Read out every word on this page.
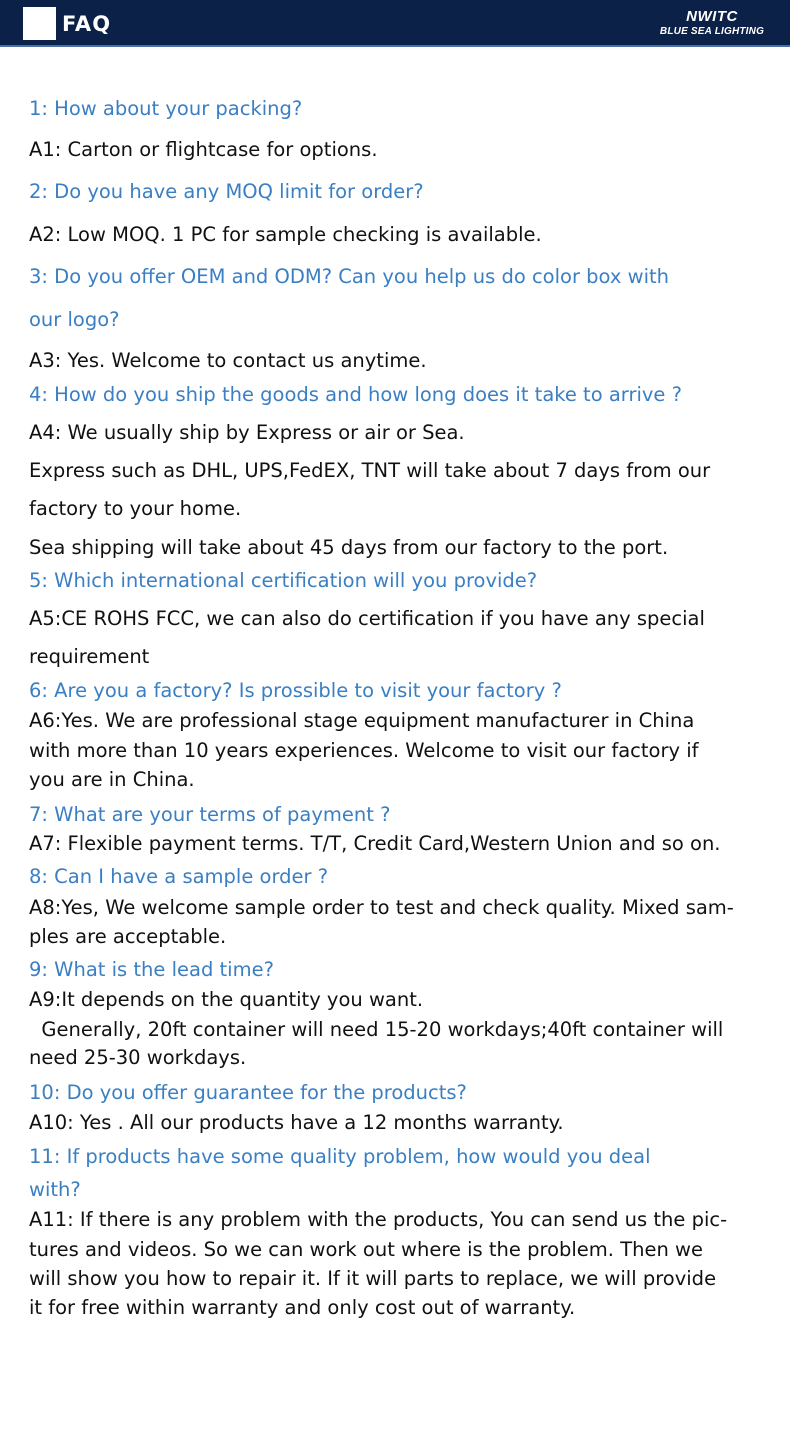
FAQ	NWITC
BLUE SEA LIGHTING
1: How about your packing?
A1: Carton or flightcase for options.
2: Do you have any MOQ limit for order?
A2: Low MOQ. 1 PC for sample checking is available.
3: Do you offer OEM and ODM? Can you help us do color box with
our logo?
A3: Yes. Welcome to contact us anytime.
4: How do you ship the goods and how long does it take to arrive ?
A4: We usually ship by Express or air or Sea.
Express such as DHL, UPS,FedEX, TNT will take about 7 days from our
factory to your home.
Sea shipping will take about 45 days from our factory to the port.
5: Which international certification will you provide?
A5:CE ROHS FCC, we can also do certification if you have any special
requirement
6: Are you a factory? Is prossible to visit your factory ?
A6:Yes. We are professional stage equipment manufacturer in China
with more than 10 years experiences. Welcome to visit our factory if
you are in China.
7: What are your terms of payment ?
A7: Flexible payment terms. T/T, Credit Card,Western Union and so on.
8: Can I have a sample order ?
A8:Yes, We welcome sample order to test and check quality. Mixed sam-
ples are acceptable.
9: What is the lead time?
A9:It depends on the quantity you want.
Generally, 20ft container will need 15-20 workdays;40ft container will
need 25-30 workdays.
10: Do you offer guarantee for the products?
A10: Yes . All our products have a 12 months warranty.
11: If products have some quality problem, how would you deal
with?
A11: If there is any problem with the products, You can send us the pic-
tures and videos. So we can work out where is the problem. Then we
will show you how to repair it. If it will parts to replace, we will provide
it for free within warranty and only cost out of warranty.
